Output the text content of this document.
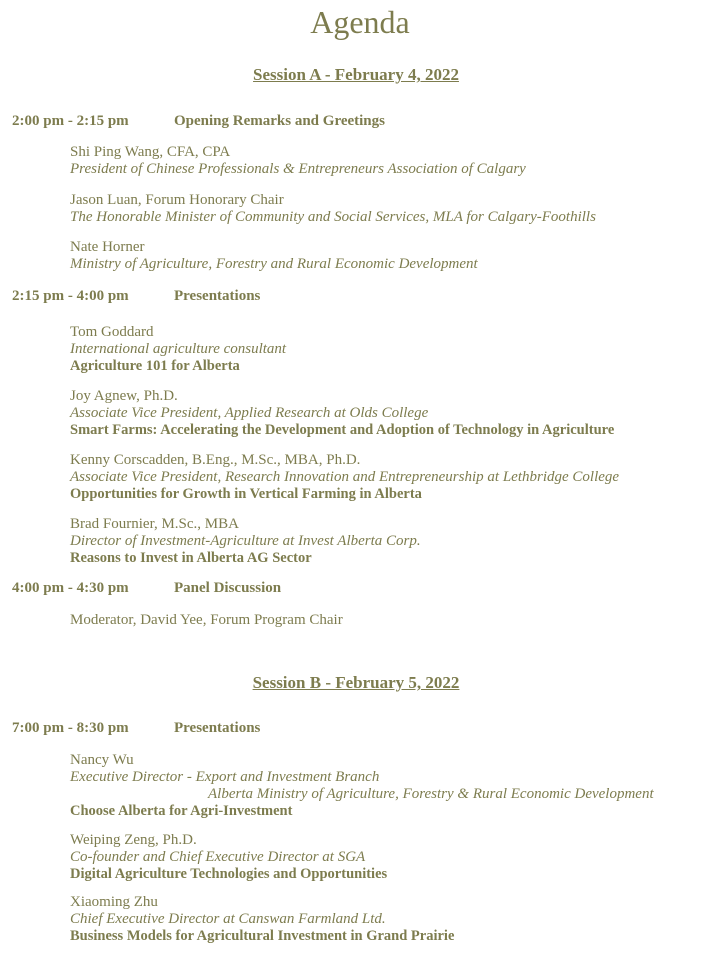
Agenda
Session A - February 4, 2022
2:00 pm - 2:15 pm	Opening Remarks and Greetings
Shi Ping Wang, CFA, CPA
President of Chinese Professionals & Entrepreneurs Association of Calgary
Jason Luan, Forum Honorary Chair
The Honorable Minister of Community and Social Services, MLA for Calgary-Foothills
Nate Horner
Ministry of Agriculture, Forestry and Rural Economic Development
2:15 pm - 4:00 pm	Presentations
Tom Goddard
International agriculture consultant
Agriculture 101 for Alberta
Joy Agnew, Ph.D.
Associate Vice President, Applied Research at Olds College
Smart Farms: Accelerating the Development and Adoption of Technology in Agriculture
Kenny Corscadden, B.Eng., M.Sc., MBA, Ph.D.
Associate Vice President, Research Innovation and Entrepreneurship at Lethbridge College
Opportunities for Growth in Vertical Farming in Alberta
Brad Fournier, M.Sc., MBA
Director of Investment-Agriculture at Invest Alberta Corp.
Reasons to Invest in Alberta AG Sector
4:00 pm - 4:30 pm	Panel Discussion
Moderator, David Yee, Forum Program Chair
Session B - February 5, 2022
7:00 pm - 8:30 pm	Presentations
Nancy Wu
Executive Director - Export and Investment Branch
Alberta Ministry of Agriculture, Forestry & Rural Economic Development
Choose Alberta for Agri-Investment
Weiping Zeng, Ph.D.
Co-founder and Chief Executive Director at SGA
Digital Agriculture Technologies and Opportunities
Xiaoming Zhu
Chief Executive Director at Canswan Farmland Ltd.
Business Models for Agricultural Investment in Grand Prairie
